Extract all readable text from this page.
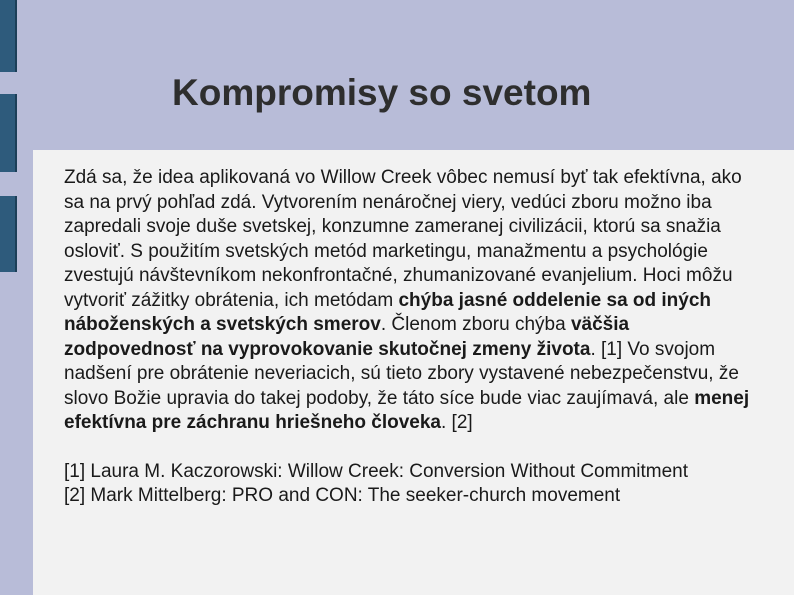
Kompromisy so svetom

Zdá sa, že idea aplikovaná vo Willow Creek vôbec nemusí byť tak efektívna, ako sa na prvý pohľad zdá. Vytvorením nenáročnej viery, vedúci zboru možno iba zapredali svoje duše svetskej, konzumne zameranej civilizácii, ktorú sa snažia osloviť. S použitím svetských metód marketingu, manažmentu a psychológie zvestujú návštevníkom nekonfrontačné, zhumanizované evanjelium. Hoci môžu vytvoriť zážitky obrátenia, ich metódam chýba jasné oddelenie sa od iných náboženských a svetských smerov. Členom zboru chýba väčšia zodpovednosť na vyprovokovanie skutočnej zmeny života. [1] Vo svojom nadšení pre obrátenie neveriacich, sú tieto zbory vystavené nebezpečenstvu, že slovo Božie upravia do takej podoby, že táto síce bude viac zaujímavá, ale menej efektívna pre záchranu hriešneho človeka. [2]

[1] Laura M. Kaczorowski: Willow Creek: Conversion Without Commitment
[2] Mark Mittelberg: PRO and CON: The seeker-church movement
